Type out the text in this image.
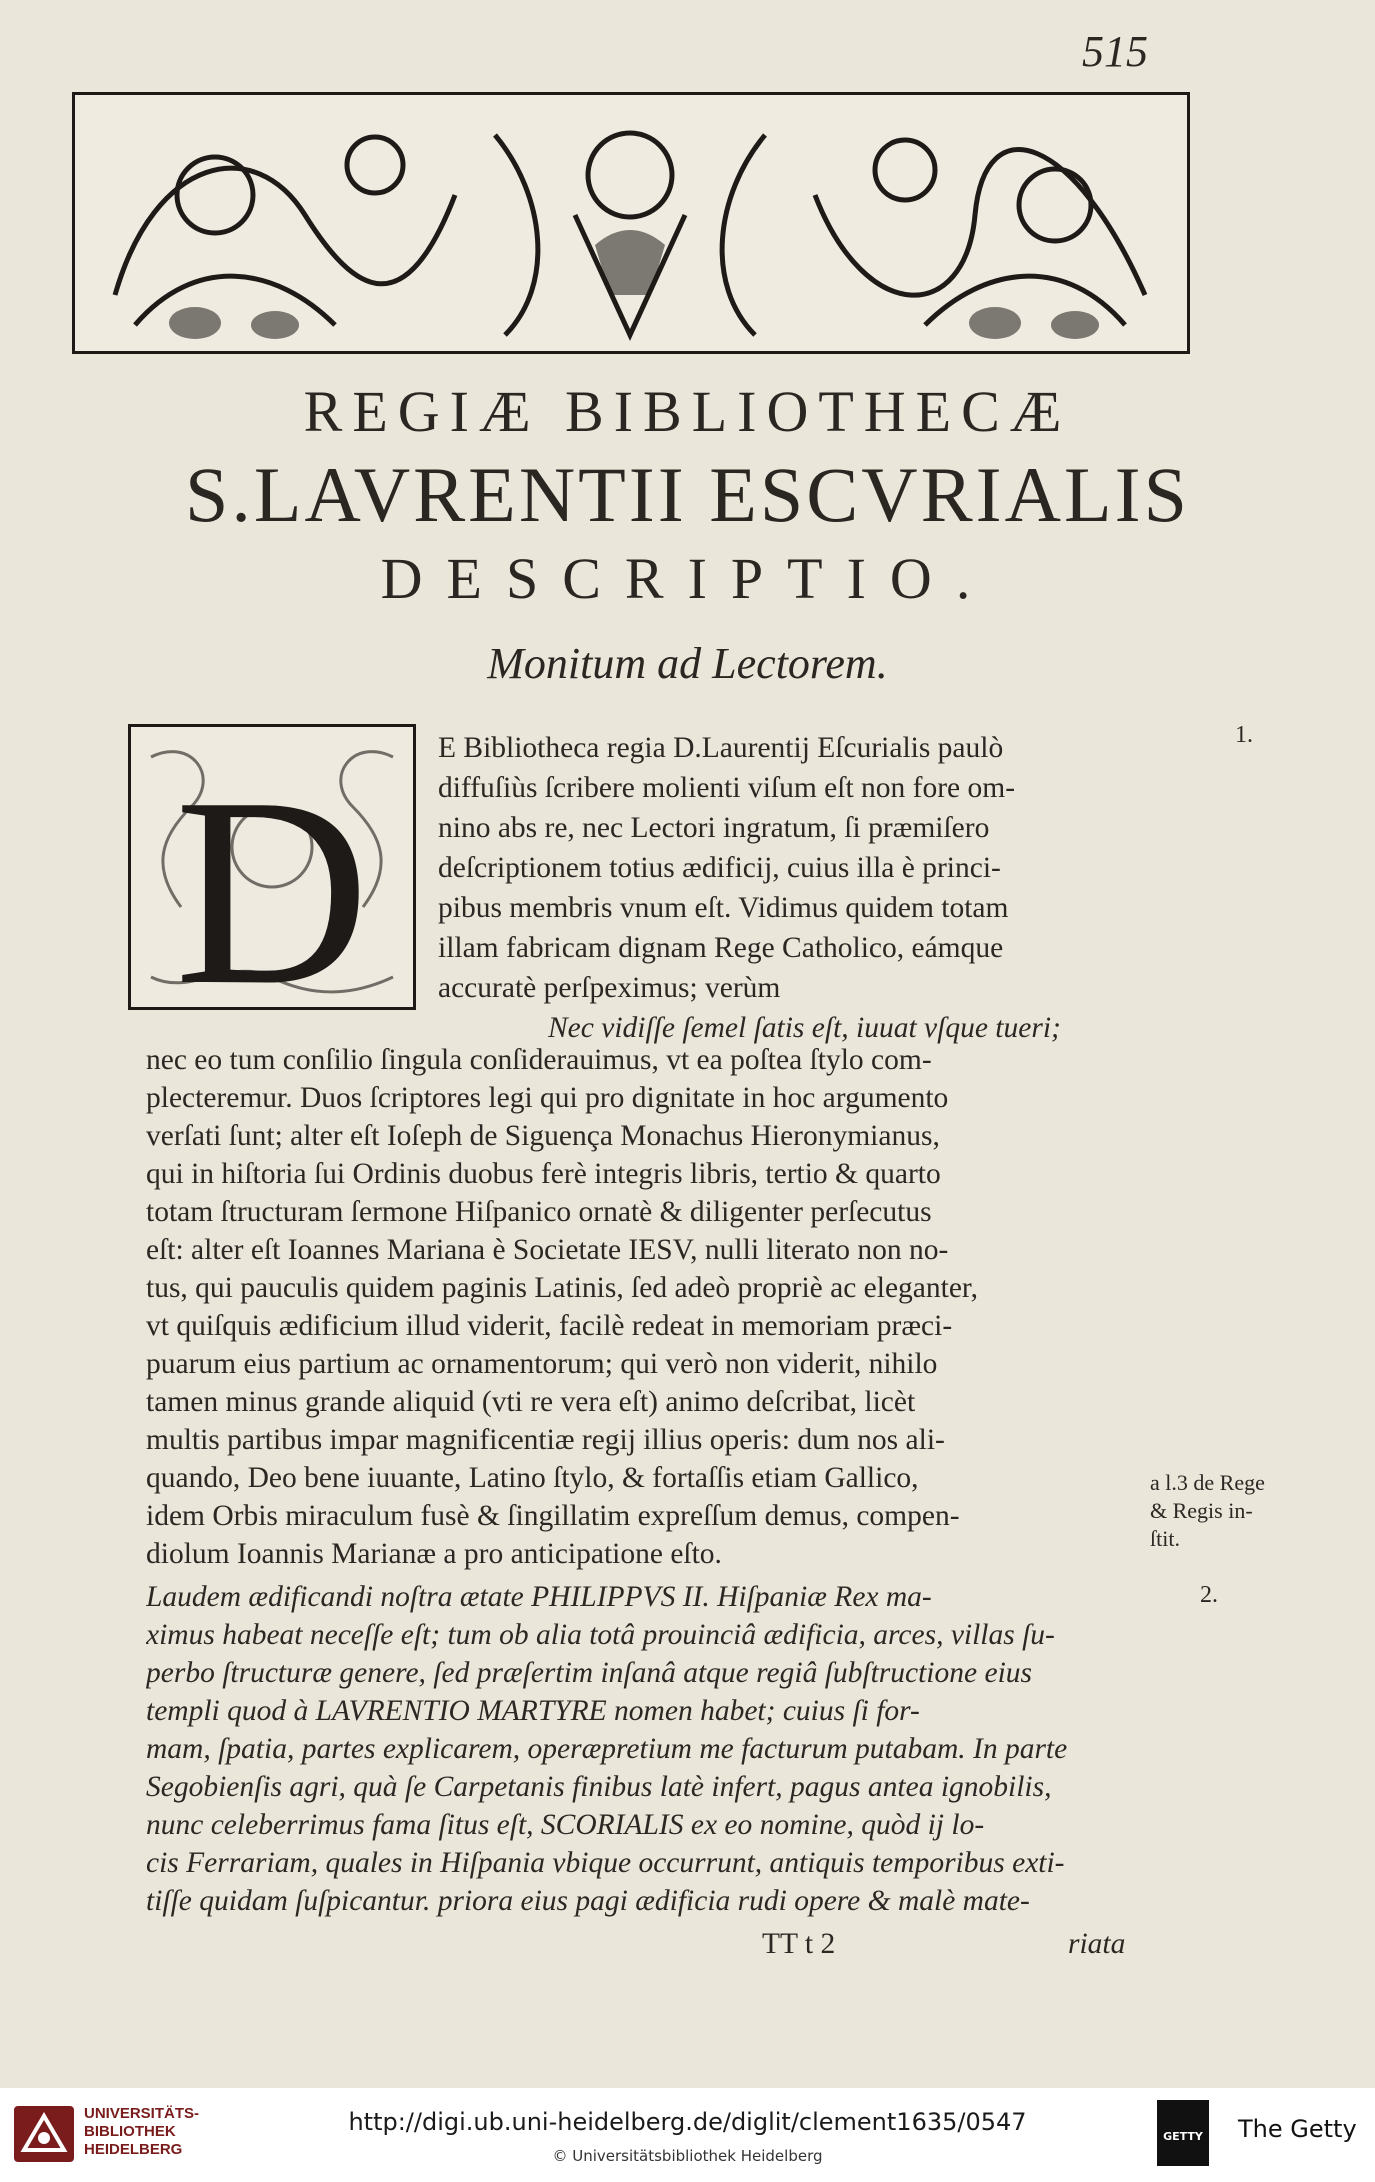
515
REGIÆ BIBLIOTHECÆ
S.LAVRENTII ESCVRIALIS
DESCRIPTIO.
Monitum ad Lectorem.
D E Bibliotheca regia D.Laurentij Eſcurialis paulò
diffuſiùs ſcribere molienti viſum eſt non fore om-
nino abs re, nec Lectori ingratum, ſi præmiſero
deſcriptionem totius ædificij, cuius illa è princi-
pibus membris vnum eſt. Vidimus quidem totam
illam fabricam dignam Rege Catholico, eámque
accuratè perſpeximus; verùm
Nec vidiſſe ſemel ſatis eſt, iuuat vſque tueri;
nec eo tum conſilio ſingula conſiderauimus, vt ea poſtea ſtylo com-
plecteremur. Duos ſcriptores legi qui pro dignitate in hoc argumento
verſati ſunt; alter eſt Ioſeph de Siguença Monachus Hieronymianus,
qui in hiſtoria ſui Ordinis duobus ferè integris libris, tertio & quarto
totam ſtructuram ſermone Hiſpanico ornatè & diligenter perſecutus
eſt: alter eſt Ioannes Mariana è Societate IESV, nulli literato non no-
tus, qui pauculis quidem paginis Latinis, ſed adeò propriè ac eleganter,
vt quiſquis ædificium illud viderit, facilè redeat in memoriam præci-
puarum eius partium ac ornamentorum; qui verò non viderit, nihilo
tamen minus grande aliquid (vti re vera eſt) animo deſcribat, licèt
multis partibus impar magnificentiæ regij illius operis: dum nos ali-
quando, Deo bene iuuante, Latino ſtylo, & fortaſſis etiam Gallico,
idem Orbis miraculum fusè & ſingillatim expreſſum demus, compen-
diolum Ioannis Marianæ a pro anticipatione eſto.
Laudem ædificandi noſtra ætate PHILIPPVS II. Hiſpaniæ Rex ma-
ximus habeat neceſſe eſt; tum ob alia totâ prouinciâ ædificia, arces, villas ſu-
perbo ſtructuræ genere, ſed præſertim inſanâ atque regiâ ſubſtructione eius
templi quod à LAVRENTIO MARTYRE nomen habet; cuius ſi for-
mam, ſpatia, partes explicarem, operæpretium me facturum putabam. In parte
Segobienſis agri, quà ſe Carpetanis finibus latè infert, pagus antea ignobilis,
nunc celeberrimus fama ſitus eſt, SCORIALIS ex eo nomine, quòd ij lo-
cis Ferrariam, quales in Hiſpania vbique occurrunt, antiquis temporibus exti-
tiſſe quidam ſuſpicantur. priora eius pagi ædificia rudi opere & malè mate-
TT t 2	riata
1.
2.
a l.3 de Rege
& Regis in-
ſtit.
UNIVERSITÄTS-
BIBLIOTHEK
HEIDELBERG
http://digi.ub.uni-heidelberg.de/diglit/clement1635/0547
© Universitätsbibliothek Heidelberg
GETTY The Getty
